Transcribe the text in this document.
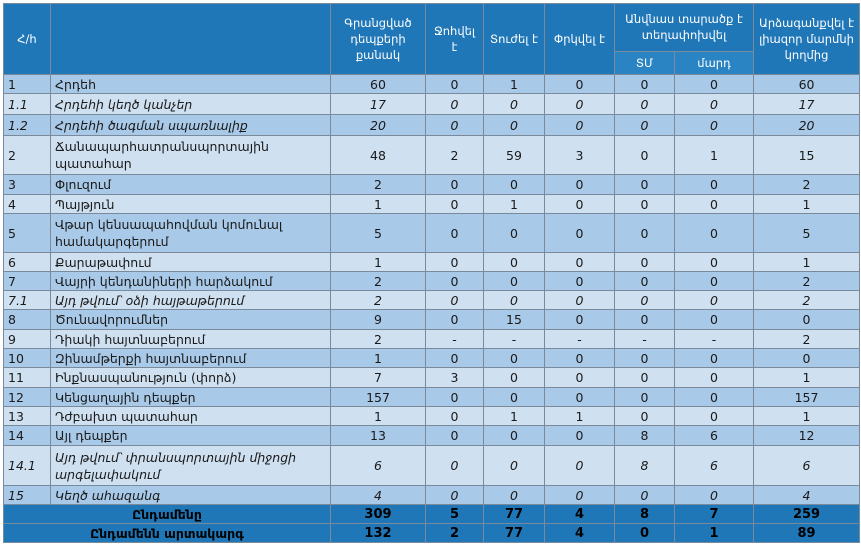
Հ/հ		Գրանցված դեպքերի քանակ	Ջոհվել է	Տուժել է	Փրկվել է	Անվնաս տարածք է տեղափոխվել		Արձագանքվել է լիազոր մարմնի կողմից
						ՏՄ	մարդ	
1	Հրդեհ	60	0	1	0	0	0	60
1.1	Հրդեհի կեղծ կանչեր	17	0	0	0	0	0	17
1.2	Հրդեհի ծագման սպառնալիք	20	0	0	0	0	0	20
2	Ճանապարհատրանսպորտային պատահար	48	2	59	3	0	1	15
3	Փլուզում	2	0	0	0	0	0	2
4	Պայթյուն	1	0	1	0	0	0	1
5	Վթար կենսապահովման կոմունալ համակարգերում	5	0	0	0	0	0	5
6	Քարաթափում	1	0	0	0	0	0	1
7	Վայրի կենդանիների հարձակում	2	0	0	0	0	0	2
7.1	Այդ թվում՝ օձի հայթաթերում	2	0	0	0	0	0	2
8	Ծունավորումներ	9	0	15	0	0	0	0
9	Դիակի հայտնաբերում	2	-	-	-	-	-	2
10	Զինամթերքի հայտնաբերում	1	0	0	0	0	0	0
11	Ինքնասպանություն (փորձ)	7	3	0	0	0	0	1
12	Կենցաղային դեպքեր	157	0	0	0	0	0	157
13	Դժբախտ պատահար	1	0	1	1	0	0	1
14	Այլ դեպքեր	13	0	0	0	8	6	12
14.1	Այդ թվում՝ փրանսպորտային միջոցի արգելափակում	6	0	0	0	8	6	6
15	Կեղծ ահազանգ	4	0	0	0	0	0	4
Ընդամենը		309	5	77	4	8	7	259
Ընդամենն արտակարգ		132	2	77	4	0	1	89
